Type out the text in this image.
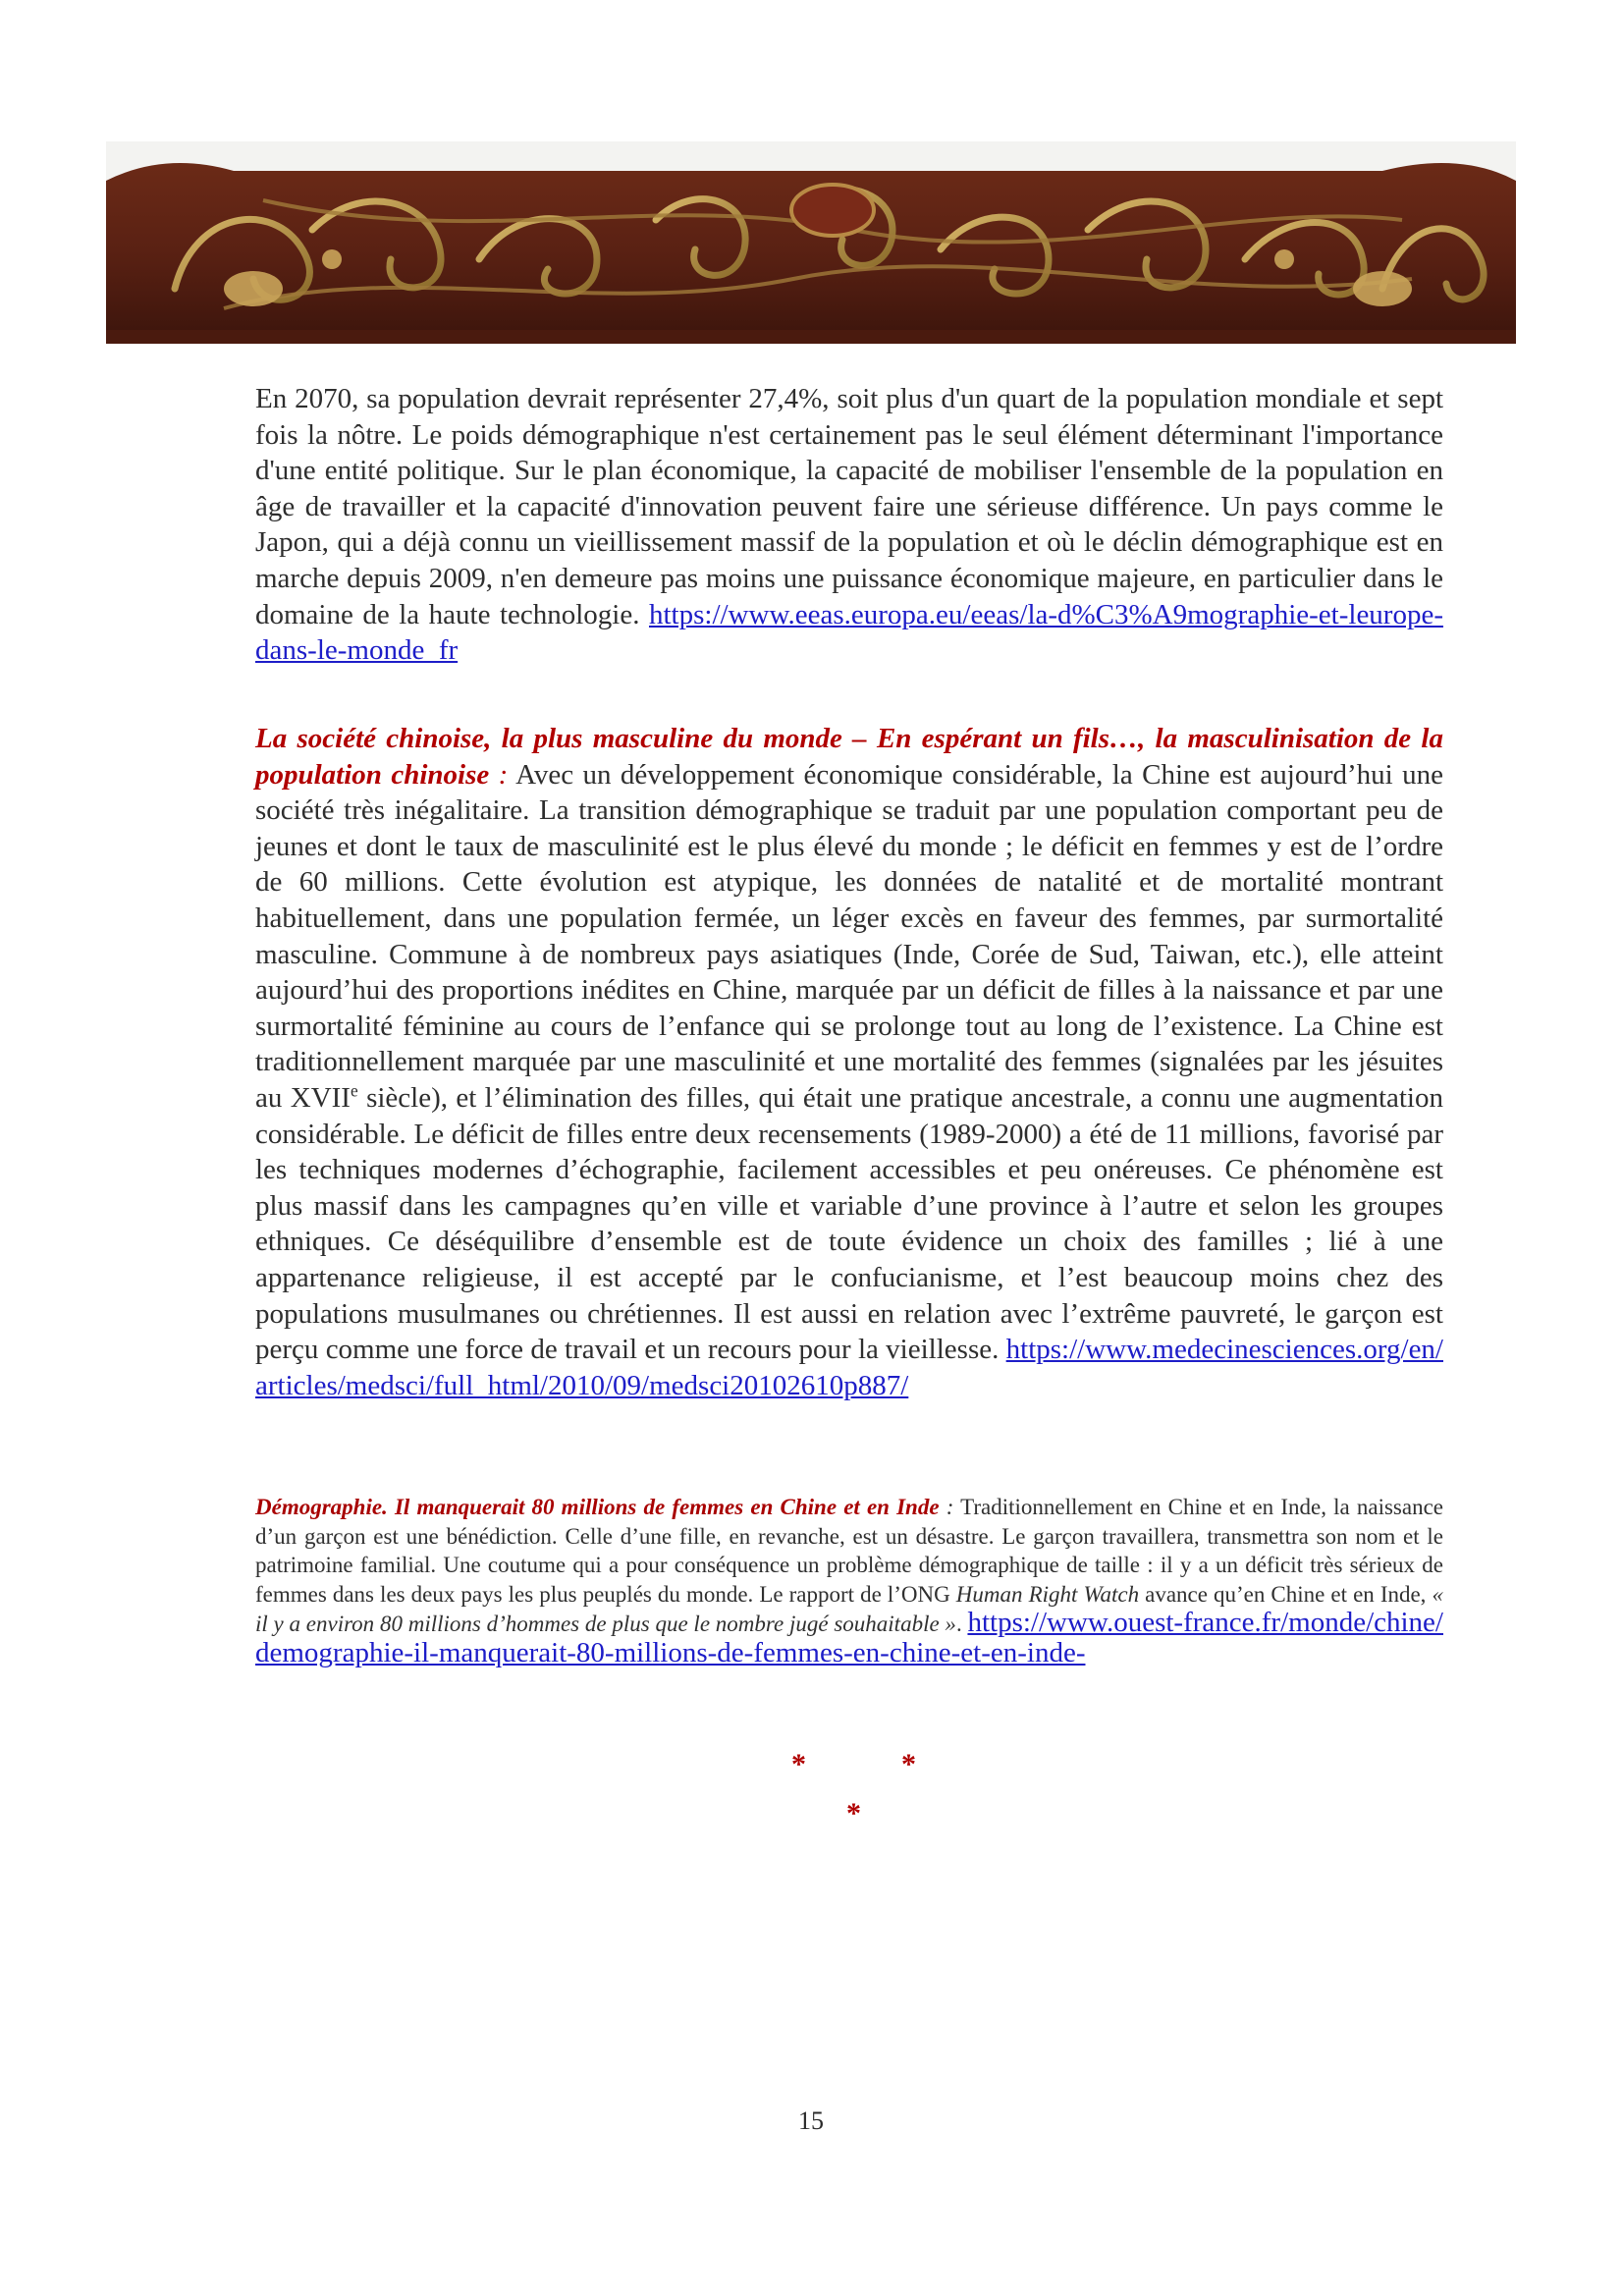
En 2070, sa population devrait représenter 27,4%, soit plus d'un quart de la population mondiale et sept fois la nôtre. Le poids démographique n'est certainement pas le seul élément déterminant l'importance d'une entité politique. Sur le plan économique, la capacité de mobiliser l'ensemble de la population en âge de travailler et la capacité d'innovation peuvent faire une sérieuse différence. Un pays comme le Japon, qui a déjà connu un vieillissement massif de la population et où le déclin démographique est en marche depuis 2009, n'en demeure pas moins une puissance économique majeure, en particulier dans le domaine de la haute technologie. https://www.eeas.europa.eu/eeas/la-d%C3%A9mographie-et-leurope-dans-le-monde_fr

La société chinoise, la plus masculine du monde – En espérant un fils…, la masculinisation de la population chinoise : Avec un développement économique considérable, la Chine est aujourd’hui une société très inégalitaire. La transition démographique se traduit par une population comportant peu de jeunes et dont le taux de masculinité est le plus élevé du monde ; le déficit en femmes y est de l’ordre de 60 millions. Cette évolution est atypique, les données de natalité et de mortalité montrant habituellement, dans une population fermée, un léger excès en faveur des femmes, par surmortalité masculine. Commune à de nombreux pays asiatiques (Inde, Corée de Sud, Taiwan, etc.), elle atteint aujourd’hui des proportions inédites en Chine, marquée par un déficit de filles à la naissance et par une surmortalité féminine au cours de l’enfance qui se prolonge tout au long de l’existence. La Chine est traditionnellement marquée par une masculinité et une mortalité des femmes (signalées par les jésuites au XVIIe siècle), et l’élimination des filles, qui était une pratique ancestrale, a connu une augmentation considérable. Le déficit de filles entre deux recensements (1989-2000) a été de 11 millions, favorisé par les techniques modernes d’échographie, facilement accessibles et peu onéreuses. Ce phénomène est plus massif dans les campagnes qu’en ville et variable d’une province à l’autre et selon les groupes ethniques. Ce déséquilibre d’ensemble est de toute évidence un choix des familles ; lié à une appartenance religieuse, il est accepté par le confucianisme, et l’est beaucoup moins chez des populations musulmanes ou chrétiennes. Il est aussi en relation avec l’extrême pauvreté, le garçon est perçu comme une force de travail et un recours pour la vieillesse. https://www.medecinesciences.org/en/articles/medsci/full_html/2010/09/medsci20102610p887/

Démographie. Il manquerait 80 millions de femmes en Chine et en Inde : Traditionnellement en Chine et en Inde, la naissance d’un garçon est une bénédiction. Celle d’une fille, en revanche, est un désastre. Le garçon travaillera, transmettra son nom et le patrimoine familial. Une coutume qui a pour conséquence un problème démographique de taille : il y a un déficit très sérieux de femmes dans les deux pays les plus peuplés du monde. Le rapport de l’ONG Human Right Watch avance qu’en Chine et en Inde, « il y a environ 80 millions d’hommes de plus que le nombre jugé souhaitable ». https://www.ouest-france.fr/monde/chine/demographie-il-manquerait-80-millions-de-femmes-en-chine-et-en-inde-

*	*
*
15
